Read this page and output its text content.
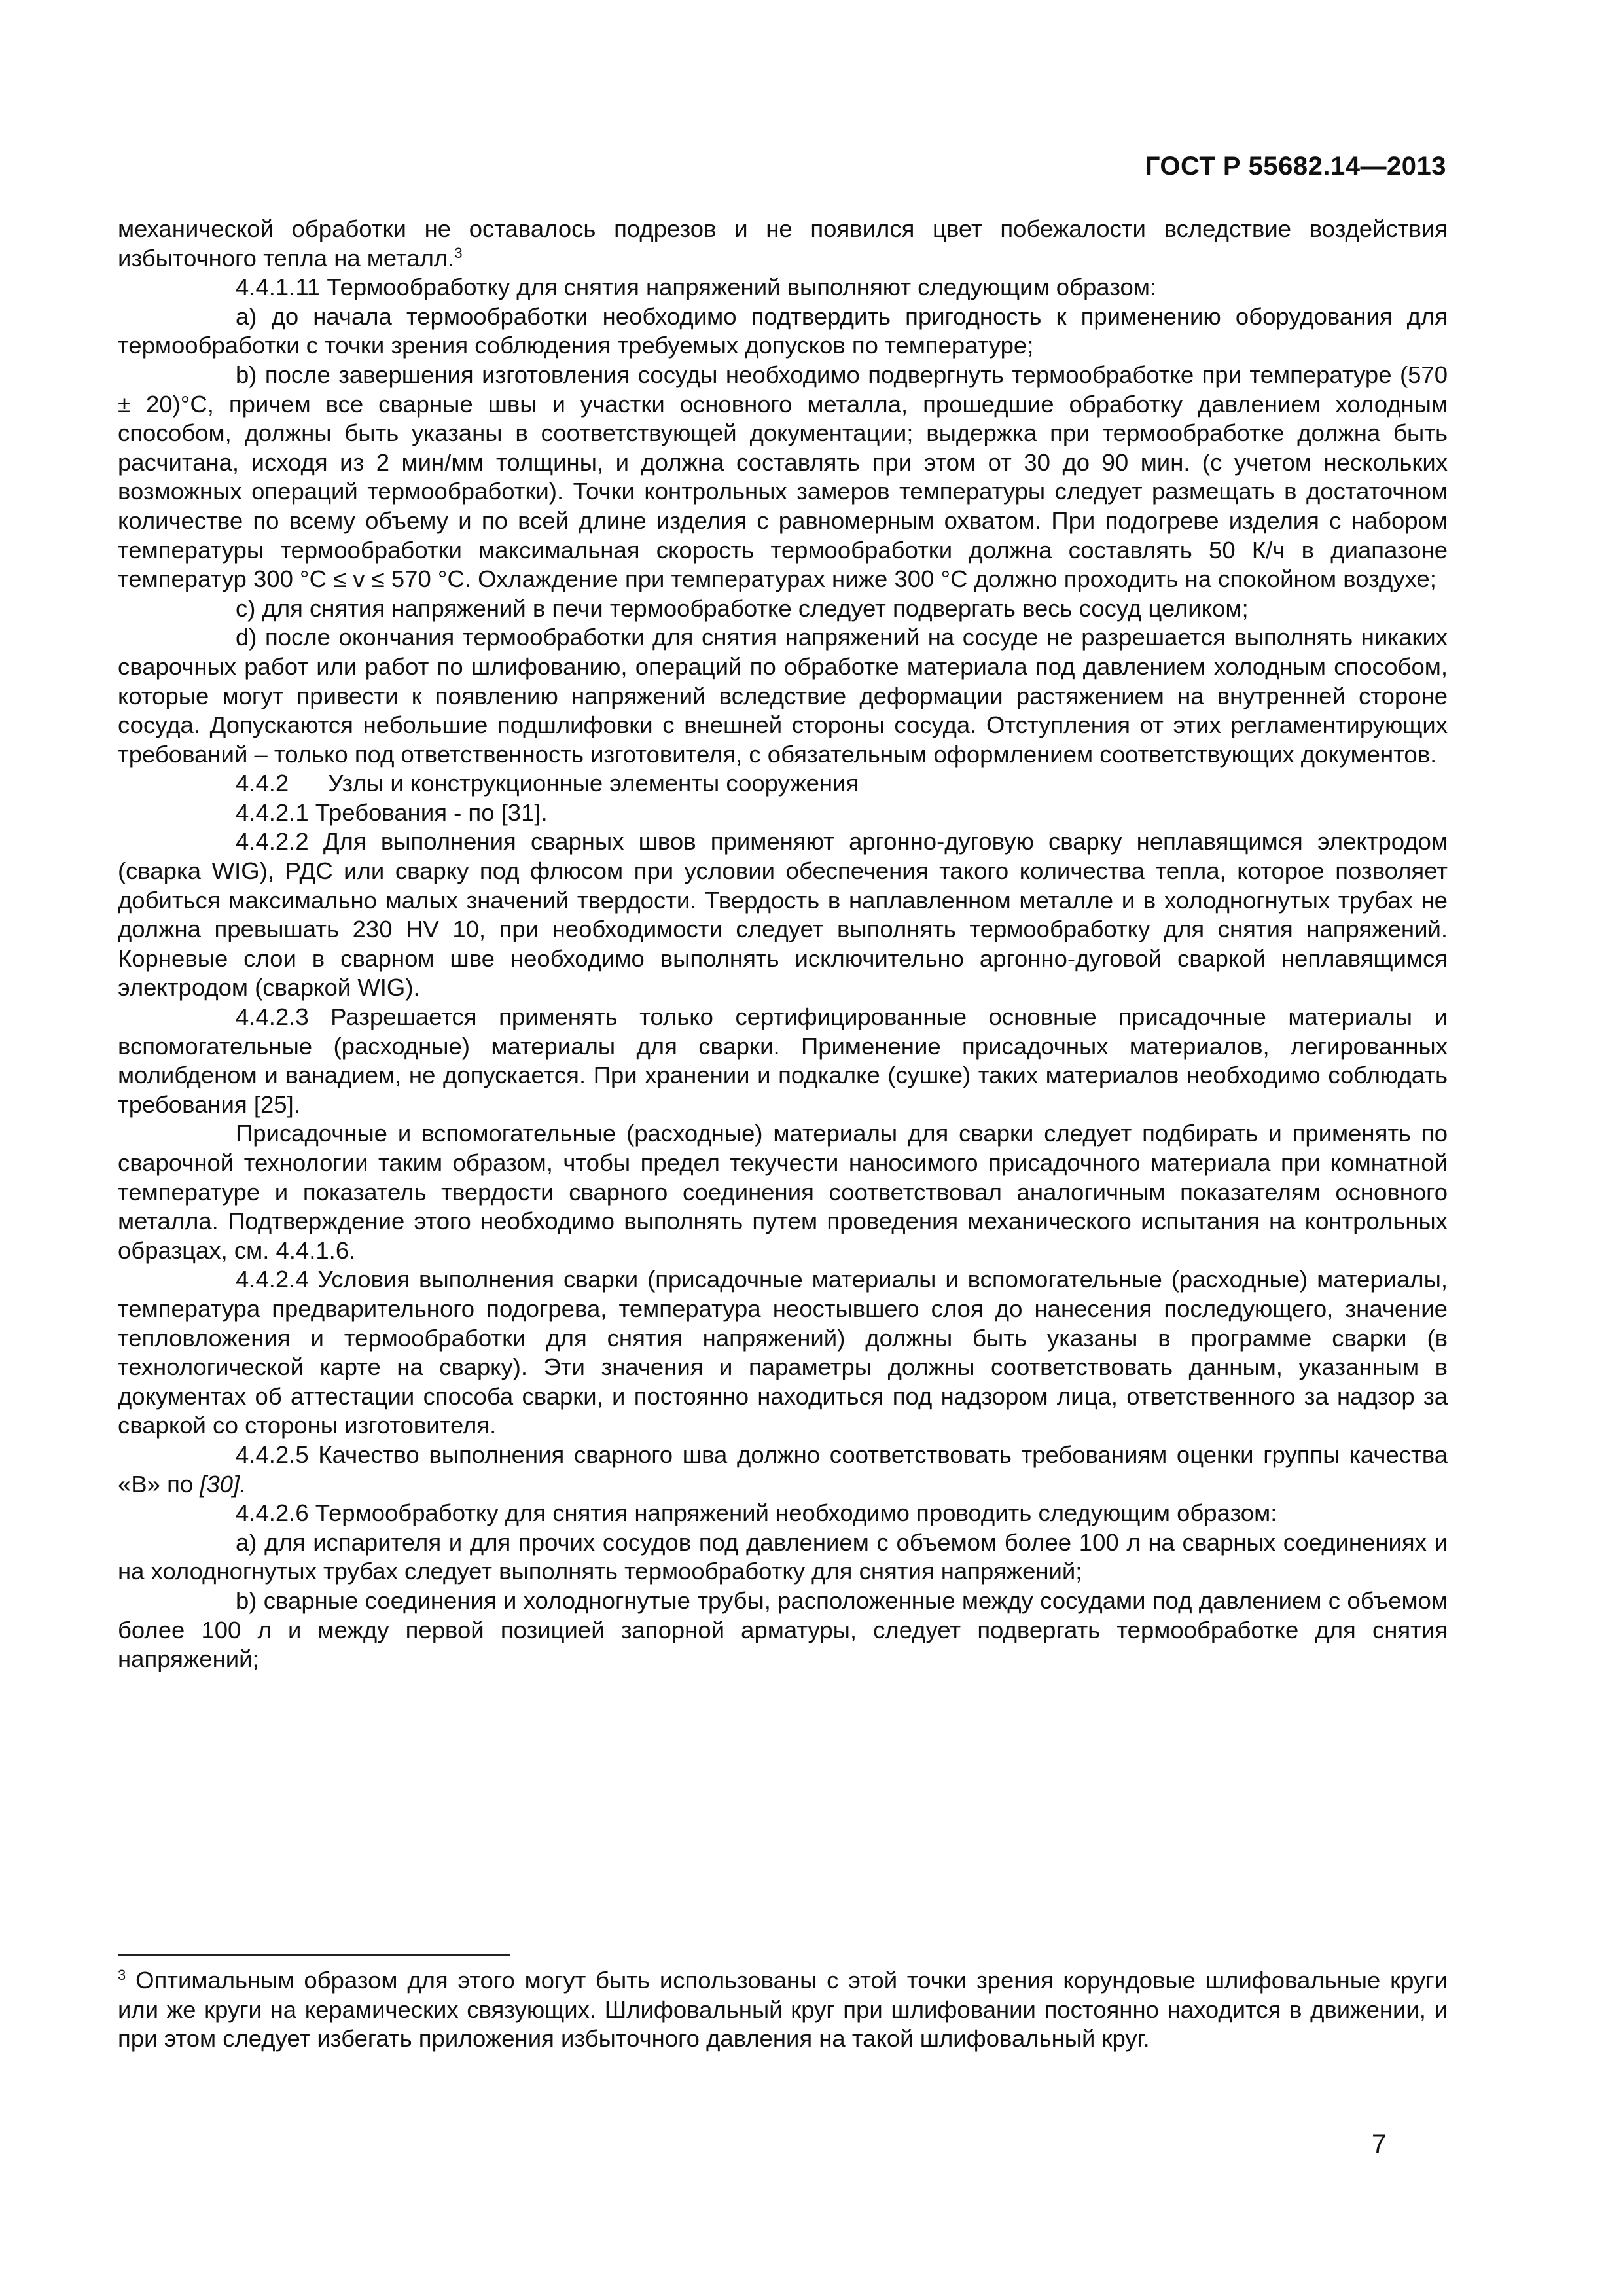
ГОСТ Р 55682.14—2013

механической обработки не оставалось подрезов и не появился цвет побежалости вследствие воздействия избыточного тепла на металл.$^3$

4.4.1.11 Термообработку для снятия напряжений выполняют следующим образом:

a) до начала термообработки необходимо подтвердить пригодность к применению оборудования для термообработки с точки зрения соблюдения требуемых допусков по температуре;

b) после завершения изготовления сосуды необходимо подвергнуть термообработке при температуре (570 ± 20)°C, причем все сварные швы и участки основного металла, прошедшие обработку давлением холодным способом, должны быть указаны в соответствующей документации; выдержка при термообработке должна быть расчитана, исходя из 2 мин/мм толщины, и должна составлять при этом от 30 до 90 мин. (с учетом нескольких возможных операций термообработки). Точки контрольных замеров температуры следует размещать в достаточном количестве по всему объему и по всей длине изделия с равномерным охватом. При подогреве изделия с набором температуры термообработки максимальная скорость термообработки должна составлять 50 К/ч в диапазоне температур 300 °C ≤ v ≤ 570 °C. Охлаждение при температурах ниже 300 °C должно проходить на спокойном воздухе;

c) для снятия напряжений в печи термообработке следует подвергать весь сосуд целиком;

d) после окончания термообработки для снятия напряжений на сосуде не разрешается выполнять никаких сварочных работ или работ по шлифованию, операций по обработке материала под давлением холодным способом, которые могут привести к появлению напряжений вследствие деформации растяжением на внутренней стороне сосуда. Допускаются небольшие подшлифовки с внешней стороны сосуда. Отступления от этих регламентирующих требований – только под ответственность изготовителя, с обязательным оформлением соответствующих документов.

4.4.2 Узлы и конструкционные элементы сооружения

4.4.2.1 Требования - по [31].

4.4.2.2 Для выполнения сварных швов применяют аргонно-дуговую сварку неплавящимся электродом (сварка WIG), РДС или сварку под флюсом при условии обеспечения такого количества тепла, которое позволяет добиться максимально малых значений твердости. Твердость в наплавленном металле и в холодногнутых трубах не должна превышать 230 HV 10, при необходимости следует выполнять термообработку для снятия напряжений. Корневые слои в сварном шве необходимо выполнять исключительно аргонно-дуговой сваркой неплавящимся электродом (сваркой WIG).

4.4.2.3 Разрешается применять только сертифицированные основные присадочные материалы и вспомогательные (расходные) материалы для сварки. Применение присадочных материалов, легированных молибденом и ванадием, не допускается. При хранении и подкалке (сушке) таких материалов необходимо соблюдать требования [25].

Присадочные и вспомогательные (расходные) материалы для сварки следует подбирать и применять по сварочной технологии таким образом, чтобы предел текучести наносимого присадочного материала при комнатной температуре и показатель твердости сварного соединения соответствовал аналогичным показателям основного металла. Подтверждение этого необходимо выполнять путем проведения механического испытания на контрольных образцах, см. 4.4.1.6.

4.4.2.4 Условия выполнения сварки (присадочные материалы и вспомогательные (расходные) материалы, температура предварительного подогрева, температура неостывшего слоя до нанесения последующего, значение тепловложения и термообработки для снятия напряжений) должны быть указаны в программе сварки (в технологической карте на сварку). Эти значения и параметры должны соответствовать данным, указанным в документах об аттестации способа сварки, и постоянно находиться под надзором лица, ответственного за надзор за сваркой со стороны изготовителя.

4.4.2.5 Качество выполнения сварного шва должно соответствовать требованиям оценки группы качества «В» по [30].

4.4.2.6 Термообработку для снятия напряжений необходимо проводить следующим образом:

a) для испарителя и для прочих сосудов под давлением с объемом более 100 л на сварных соединениях и на холодногнутых трубах следует выполнять термообработку для снятия напряжений;

b) сварные соединения и холодногнутые трубы, расположенные между сосудами под давлением с объемом более 100 л и между первой позицией запорной арматуры, следует подвергать термообработке для снятия напряжений;

$^3$ Оптимальным образом для этого могут быть использованы с этой точки зрения корундовые шлифовальные круги или же круги на керамических связующих. Шлифовальный круг при шлифовании постоянно находится в движении, и при этом следует избегать приложения избыточного давления на такой шлифовальный круг.
7
